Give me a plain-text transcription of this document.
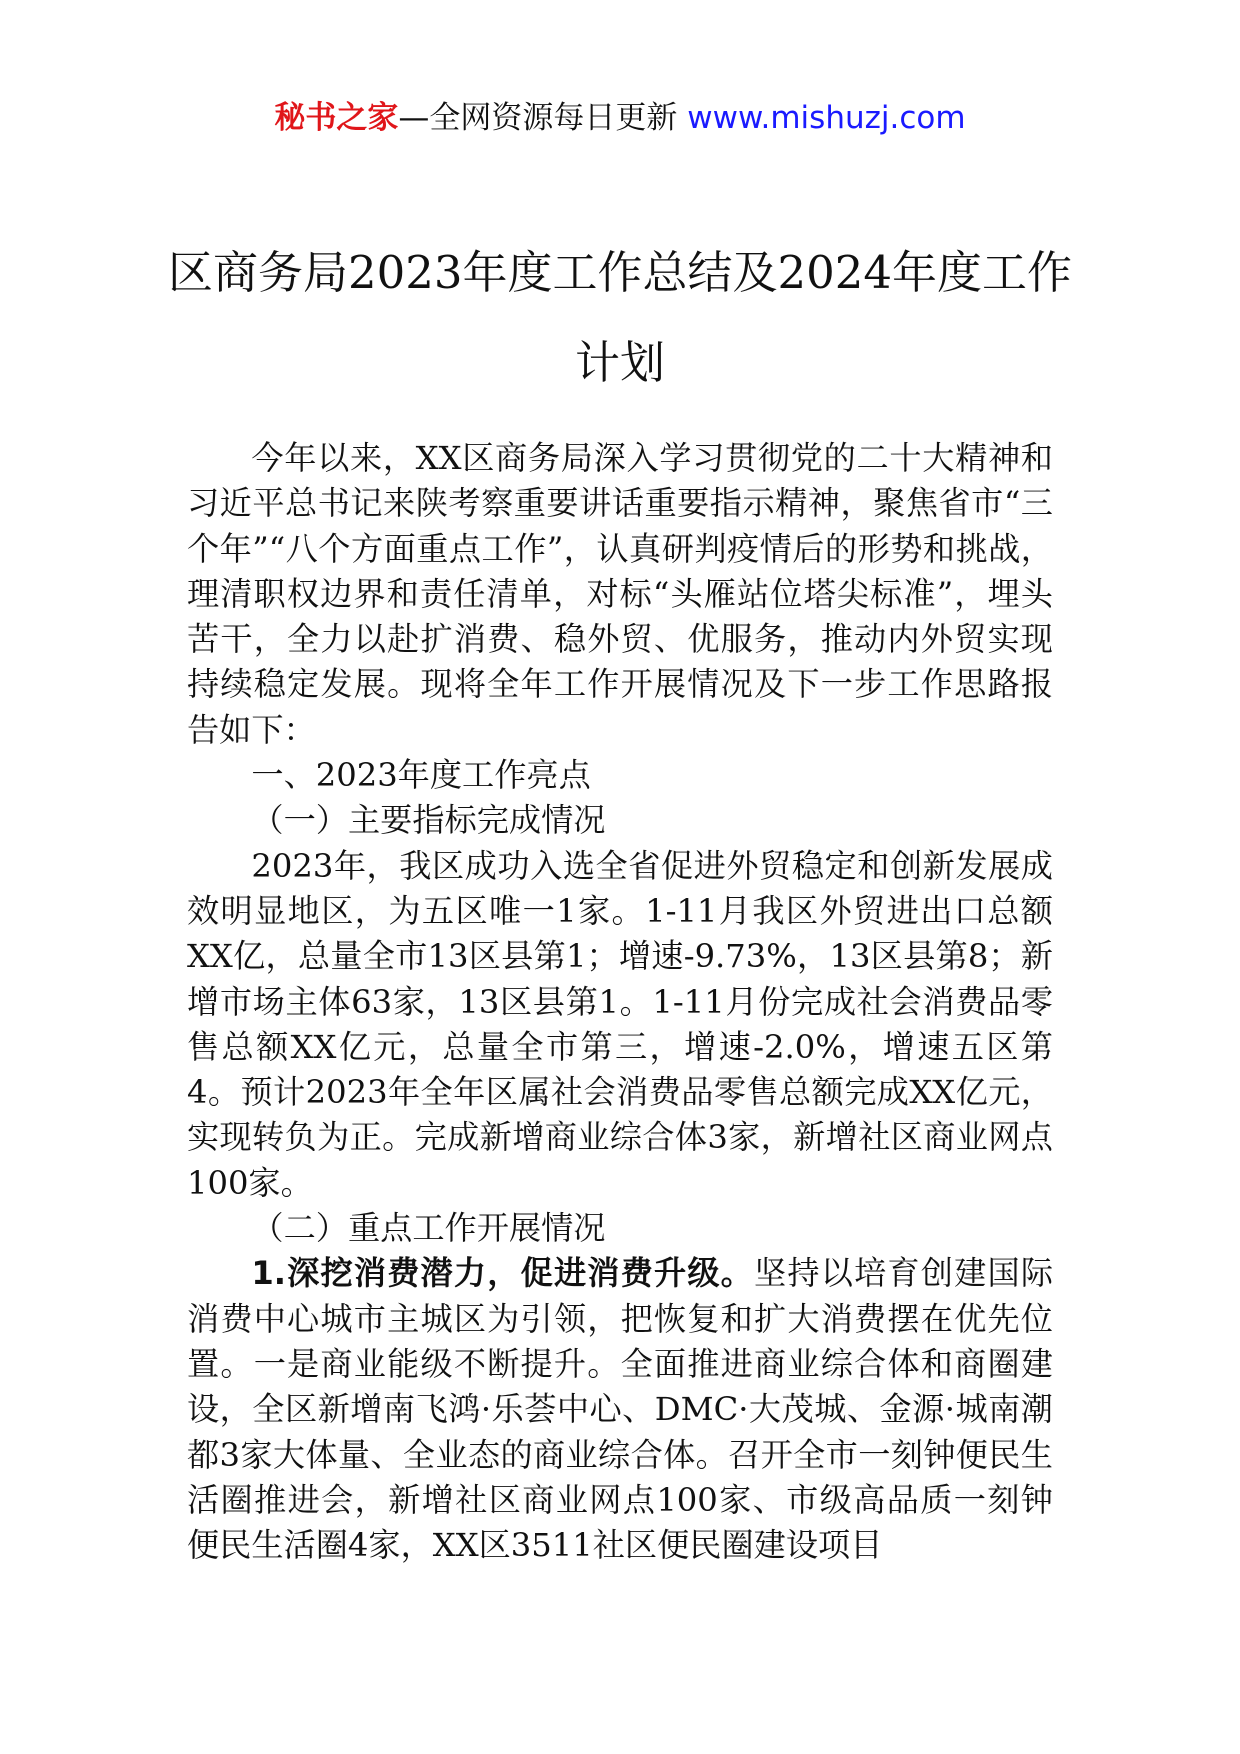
秘书之家—全网资源每日更新 www.mishuzj.com
区商务局2023年度工作总结及2024年度工作计划

今年以来，XX区商务局深入学习贯彻党的二十大精神和习近平总书记来陕考察重要讲话重要指示精神，聚焦省市“三个年”“八个方面重点工作”，认真研判疫情后的形势和挑战，理清职权边界和责任清单，对标“头雁站位塔尖标准”，埋头苦干，全力以赴扩消费、稳外贸、优服务，推动内外贸实现持续稳定发展。现将全年工作开展情况及下一步工作思路报告如下：

一、2023年度工作亮点

（一）主要指标完成情况

2023年，我区成功入选全省促进外贸稳定和创新发展成效明显地区，为五区唯一1家。1-11月我区外贸进出口总额XX亿，总量全市13区县第1；增速-9.73%，13区县第8；新增市场主体63家，13区县第1。1-11月份完成社会消费品零售总额XX亿元，总量全市第三，增速-2.0%，增速五区第4。预计2023年全年区属社会消费品零售总额完成XX亿元，实现转负为正。完成新增商业综合体3家，新增社区商业网点100家。

（二）重点工作开展情况

1.深挖消费潜力，促进消费升级。坚持以培育创建国际消费中心城市主城区为引领，把恢复和扩大消费摆在优先位置。一是商业能级不断提升。全面推进商业综合体和商圈建设，全区新增南飞鸿·乐荟中心、DMC·大茂城、金源·城南潮都3家大体量、全业态的商业综合体。召开全市一刻钟便民生活圈推进会，新增社区商业网点100家、市级高品质一刻钟便民生活圈4家，XX区3511社区便民圈建设项目
